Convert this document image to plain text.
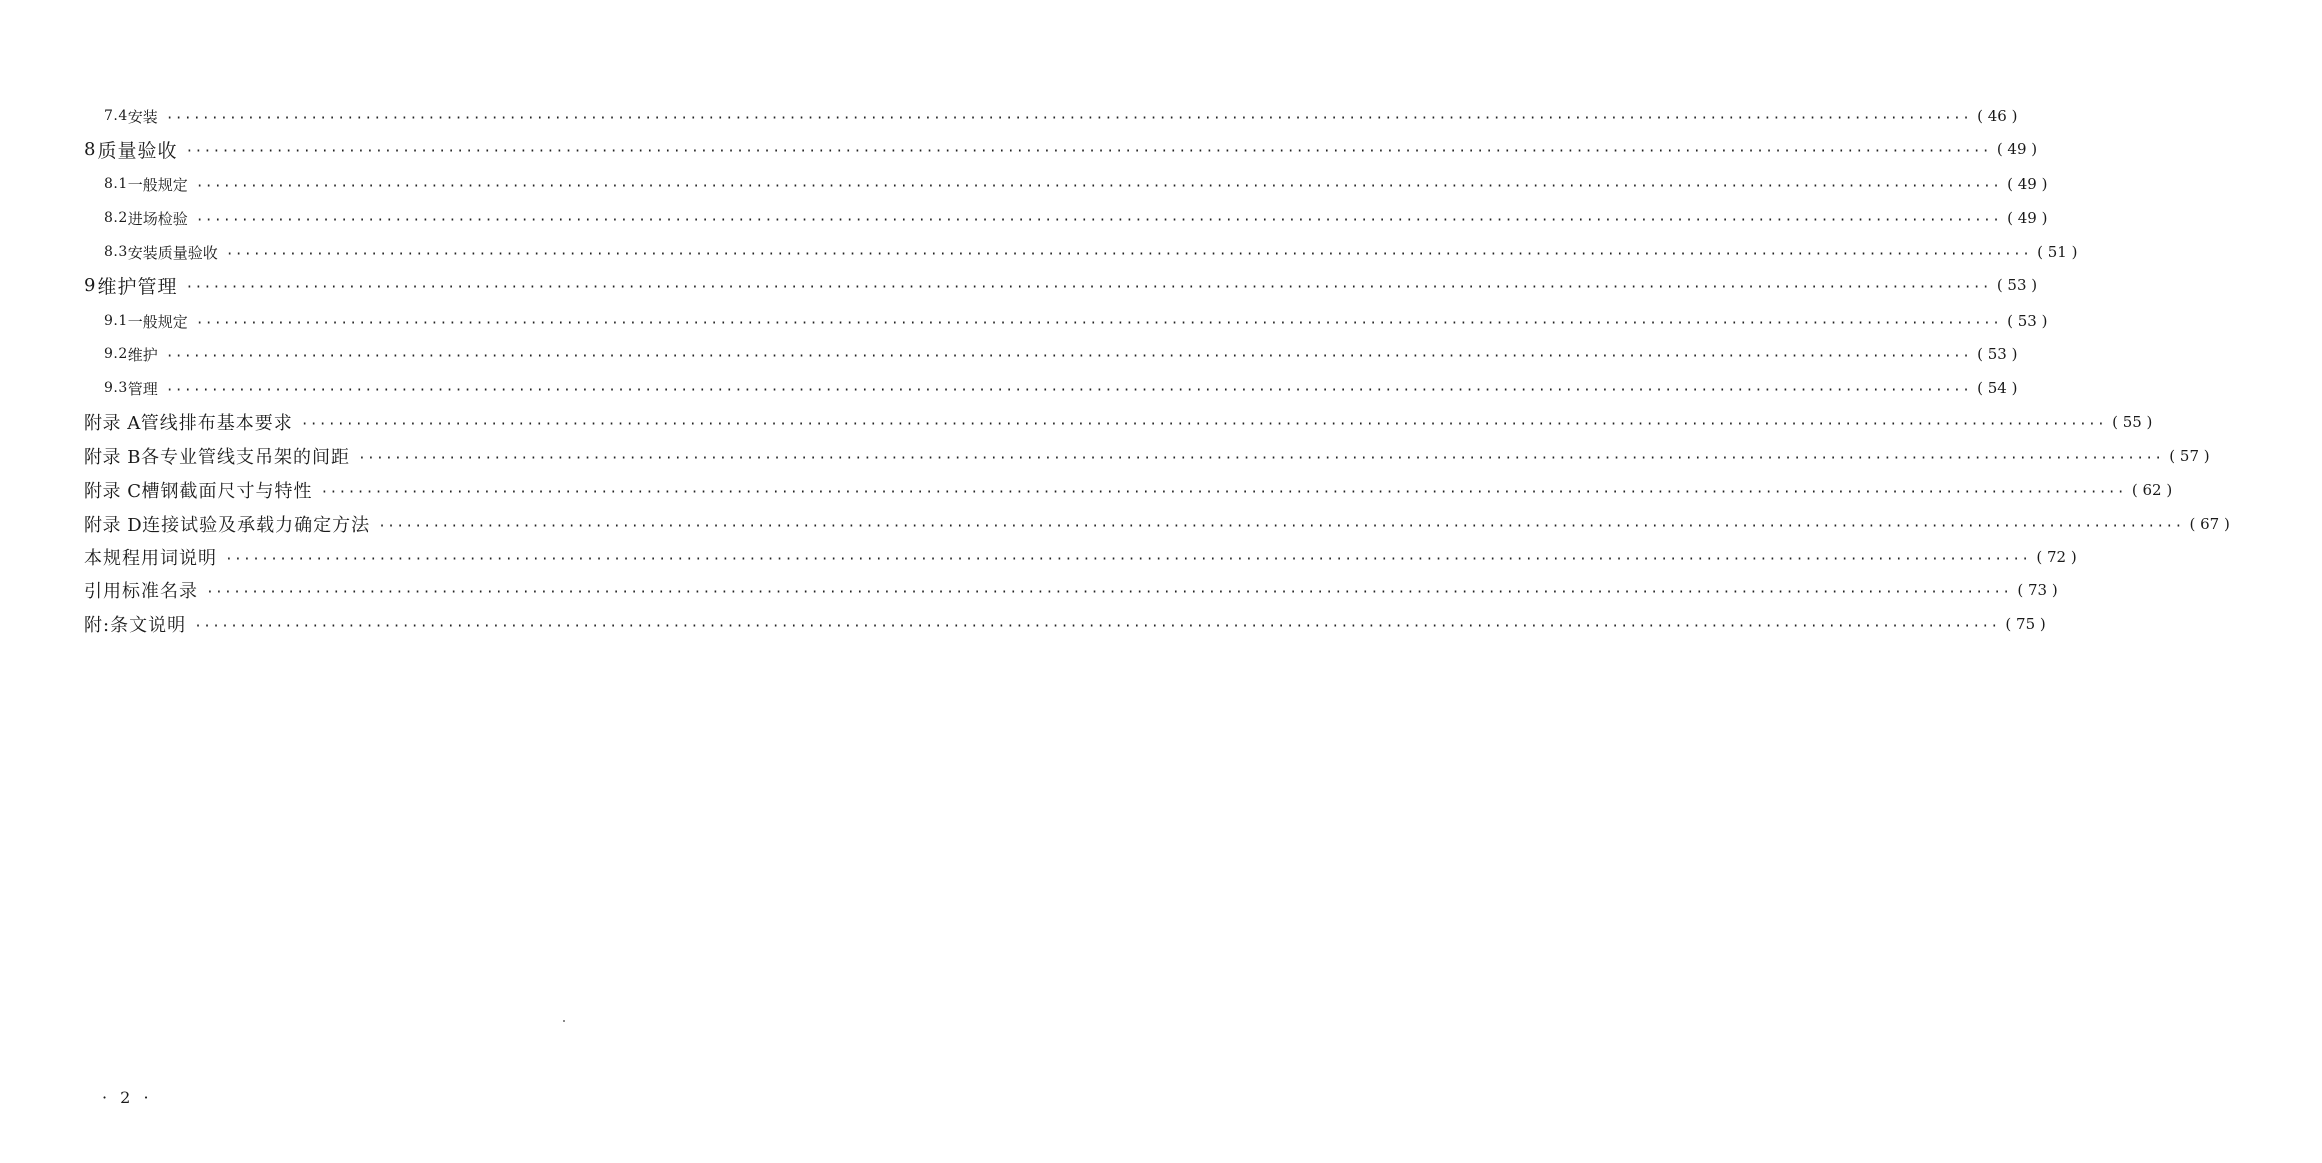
7.4 安装 ········································································································································································································ ( 46 )
8 质量验收 ········································································································································································································ ( 49 )
8.1 一般规定 ········································································································································································································ ( 49 )
8.2 进场检验 ········································································································································································································ ( 49 )
8.3 安装质量验收 ········································································································································································································ ( 51 )
9 维护管理 ········································································································································································································ ( 53 )
9.1 一般规定 ········································································································································································································ ( 53 )
9.2 维护 ········································································································································································································ ( 53 )
9.3 管理 ········································································································································································································ ( 54 )
附录 A 管线排布基本要求 ········································································································································································································ ( 55 )
附录 B 各专业管线支吊架的间距 ········································································································································································································ ( 57 )
附录 C 槽钢截面尺寸与特性 ········································································································································································································ ( 62 )
附录 D 连接试验及承载力确定方法 ········································································································································································································ ( 67 )
本规程用词说明 ········································································································································································································ ( 72 )
引用标准名录 ········································································································································································································ ( 73 )
附:条文说明 ········································································································································································································ ( 75 )
· 2 ·
